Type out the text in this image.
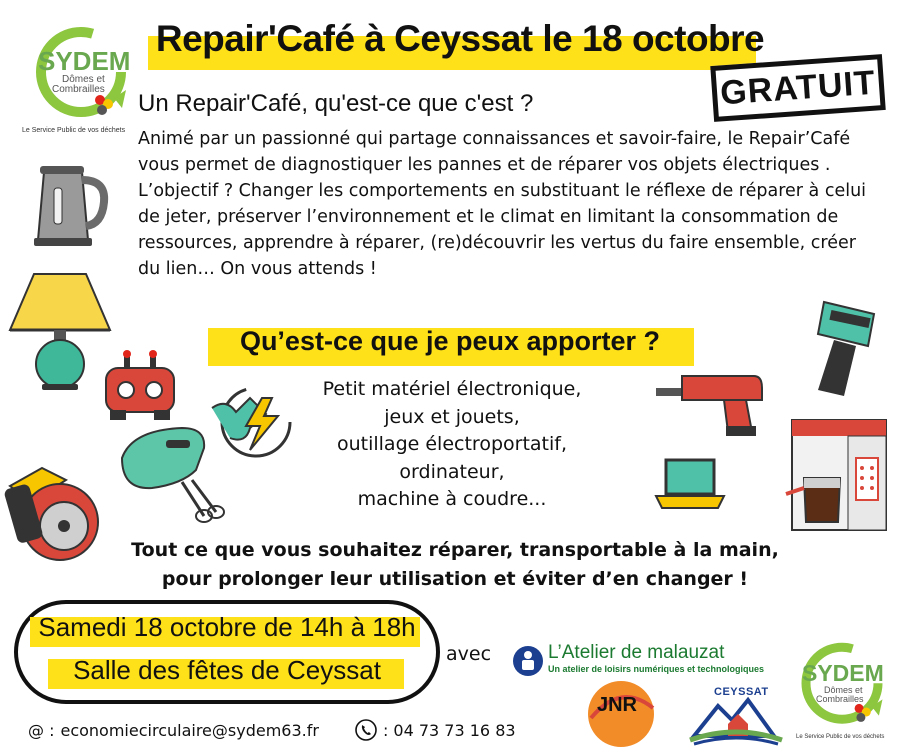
Repair'Café à Ceyssat le 18 octobre
GRATUIT
SYDEM
Dômes et
Combrailles
Le Service Public de vos déchets
Un Repair'Café, qu'est-ce que c'est ?

Animé par un passionné qui partage connaissances et savoir-faire, le Repair’Café vous permet de diagnostiquer les pannes et de réparer vos objets électriques .

L’objectif ? Changer les comportements en substituant le réflexe de réparer à celui de jeter, préserver l’environnement et le climat en limitant la consommation de ressources, apprendre à réparer, (re)découvrir les vertus du faire ensemble, créer du lien… On vous attends !

Qu’est-ce que je peux apporter ?
Petit matériel électronique,
jeux et jouets,
outillage électroportatif,
ordinateur,
machine à coudre...
Tout ce que vous souhaitez réparer, transportable à la main,
pour prolonger leur utilisation et éviter d’en changer !
Samedi 18 octobre de 14h à 18h
Salle des fêtes de Ceyssat
avec
@ : economiecirculaire@sydem63.fr	: 04 73 73 16 83
L’Atelier de malauzat
Un atelier de loisirs numériques et technologiques
JNR
CEYSSAT
SYDEM
Dômes et
Combrailles
Le Service Public de vos déchets
